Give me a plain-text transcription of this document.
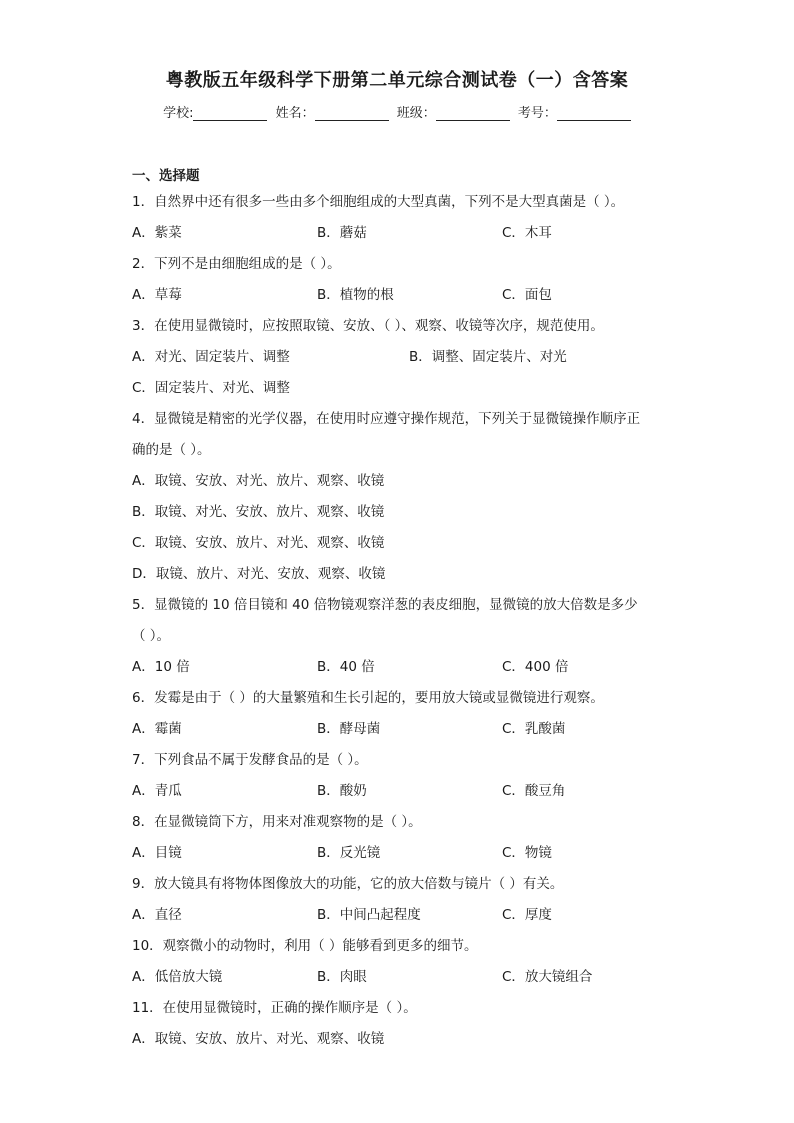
粤教版五年级科学下册第二单元综合测试卷（一）含答案
学校:	姓名：	班级：	考号：
一、选择题
1．自然界中还有很多一些由多个细胞组成的大型真菌，下列不是大型真菌是（ ）。
A．紫菜	B．蘑菇	C．木耳
2．下列不是由细胞组成的是（ ）。
A．草莓	B．植物的根	C．面包
3．在使用显微镜时，应按照取镜、安放、（ ）、观察、收镜等次序，规范使用。
A．对光、固定装片、调整	B．调整、固定装片、对光
C．固定装片、对光、调整
4．显微镜是精密的光学仪器，在使用时应遵守操作规范，下列关于显微镜操作顺序正
确的是（ ）。
A．取镜、安放、对光、放片、观察、收镜
B．取镜、对光、安放、放片、观察、收镜
C．取镜、安放、放片、对光、观察、收镜
D．取镜、放片、对光、安放、观察、收镜
5．显微镜的 10 倍目镜和 40 倍物镜观察洋葱的表皮细胞，显微镜的放大倍数是多少
（ ）。
A．10 倍	B．40 倍	C．400 倍
6．发霉是由于（ ）的大量繁殖和生长引起的，要用放大镜或显微镜进行观察。
A．霉菌	B．酵母菌	C．乳酸菌
7．下列食品不属于发酵食品的是（ ）。
A．青瓜	B．酸奶	C．酸豆角
8．在显微镜筒下方，用来对准观察物的是（ ）。
A．目镜	B．反光镜	C．物镜
9．放大镜具有将物体图像放大的功能，它的放大倍数与镜片（ ）有关。
A．直径	B．中间凸起程度	C．厚度
10．观察微小的动物时，利用（ ）能够看到更多的细节。
A．低倍放大镜	B．肉眼	C．放大镜组合
11．在使用显微镜时，正确的操作顺序是（ ）。
A．取镜、安放、放片、对光、观察、收镜
